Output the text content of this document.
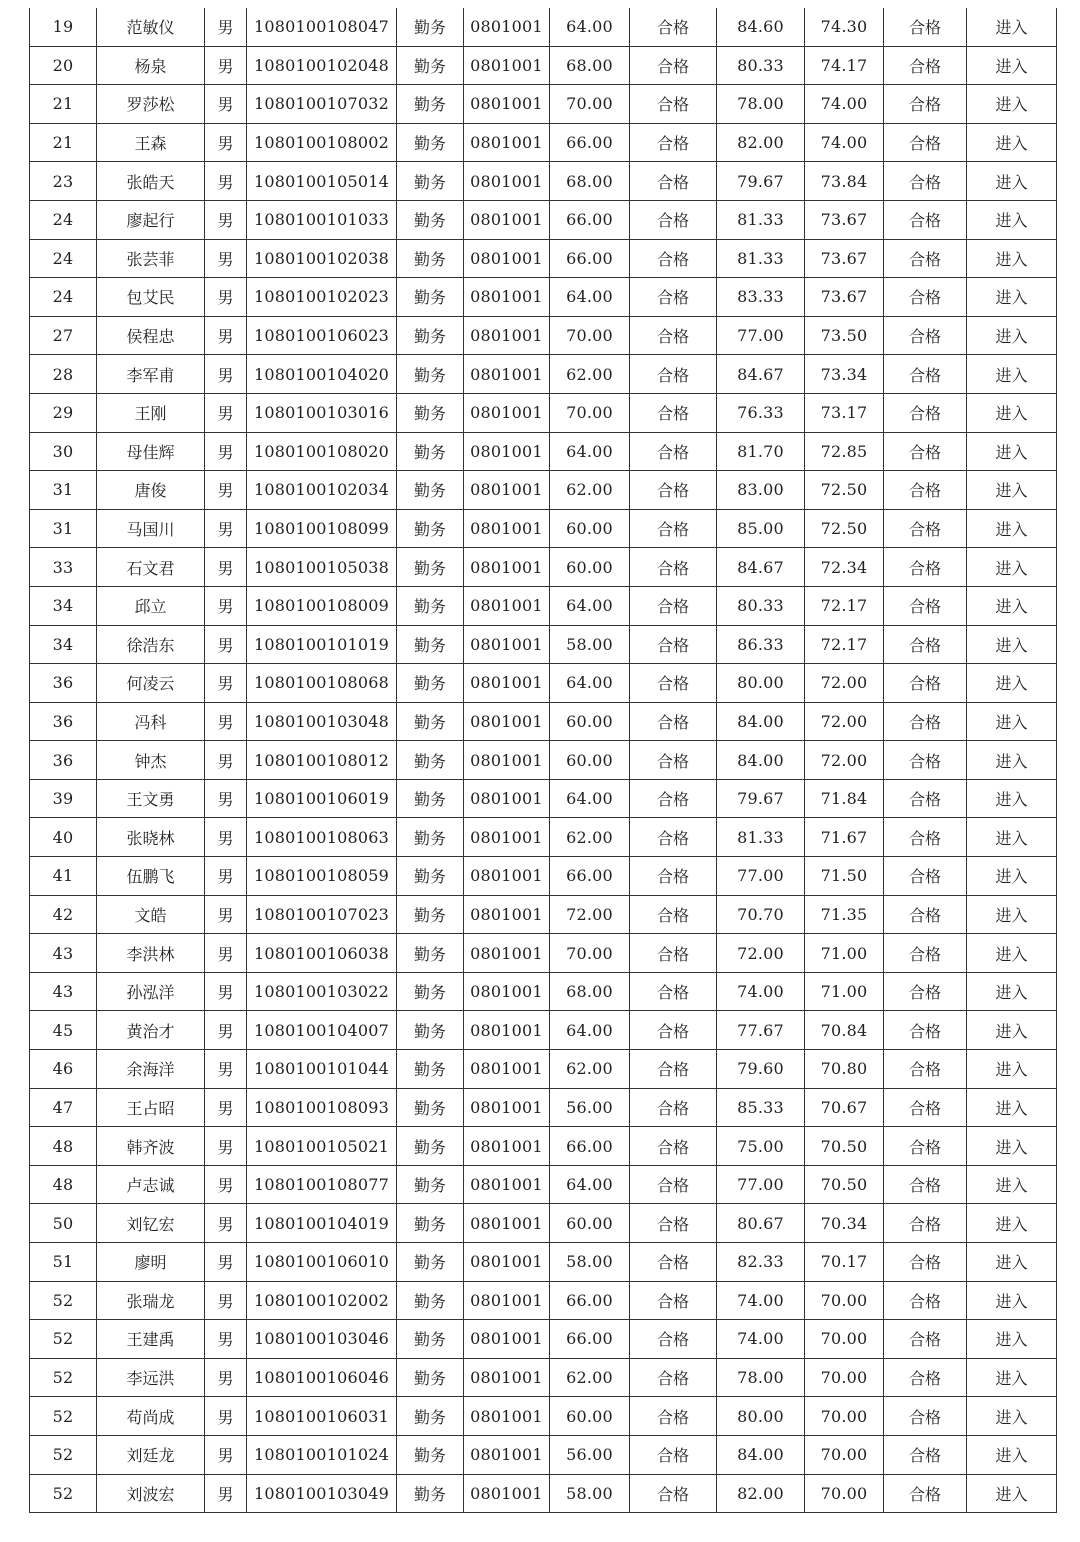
19	范敏仪	男	1080100108047	勤务	0801001	64.00	合格	84.60	74.30	合格	进入
20	杨泉	男	1080100102048	勤务	0801001	68.00	合格	80.33	74.17	合格	进入
21	罗莎松	男	1080100107032	勤务	0801001	70.00	合格	78.00	74.00	合格	进入
21	王森	男	1080100108002	勤务	0801001	66.00	合格	82.00	74.00	合格	进入
23	张皓天	男	1080100105014	勤务	0801001	68.00	合格	79.67	73.84	合格	进入
24	廖起行	男	1080100101033	勤务	0801001	66.00	合格	81.33	73.67	合格	进入
24	张芸菲	男	1080100102038	勤务	0801001	66.00	合格	81.33	73.67	合格	进入
24	包艾民	男	1080100102023	勤务	0801001	64.00	合格	83.33	73.67	合格	进入
27	侯程忠	男	1080100106023	勤务	0801001	70.00	合格	77.00	73.50	合格	进入
28	李军甫	男	1080100104020	勤务	0801001	62.00	合格	84.67	73.34	合格	进入
29	王刚	男	1080100103016	勤务	0801001	70.00	合格	76.33	73.17	合格	进入
30	母佳辉	男	1080100108020	勤务	0801001	64.00	合格	81.70	72.85	合格	进入
31	唐俊	男	1080100102034	勤务	0801001	62.00	合格	83.00	72.50	合格	进入
31	马国川	男	1080100108099	勤务	0801001	60.00	合格	85.00	72.50	合格	进入
33	石文君	男	1080100105038	勤务	0801001	60.00	合格	84.67	72.34	合格	进入
34	邱立	男	1080100108009	勤务	0801001	64.00	合格	80.33	72.17	合格	进入
34	徐浩东	男	1080100101019	勤务	0801001	58.00	合格	86.33	72.17	合格	进入
36	何凌云	男	1080100108068	勤务	0801001	64.00	合格	80.00	72.00	合格	进入
36	冯科	男	1080100103048	勤务	0801001	60.00	合格	84.00	72.00	合格	进入
36	钟杰	男	1080100108012	勤务	0801001	60.00	合格	84.00	72.00	合格	进入
39	王文勇	男	1080100106019	勤务	0801001	64.00	合格	79.67	71.84	合格	进入
40	张晓林	男	1080100108063	勤务	0801001	62.00	合格	81.33	71.67	合格	进入
41	伍鹏飞	男	1080100108059	勤务	0801001	66.00	合格	77.00	71.50	合格	进入
42	文皓	男	1080100107023	勤务	0801001	72.00	合格	70.70	71.35	合格	进入
43	李洪林	男	1080100106038	勤务	0801001	70.00	合格	72.00	71.00	合格	进入
43	孙泓洋	男	1080100103022	勤务	0801001	68.00	合格	74.00	71.00	合格	进入
45	黄治才	男	1080100104007	勤务	0801001	64.00	合格	77.67	70.84	合格	进入
46	余海洋	男	1080100101044	勤务	0801001	62.00	合格	79.60	70.80	合格	进入
47	王占昭	男	1080100108093	勤务	0801001	56.00	合格	85.33	70.67	合格	进入
48	韩齐波	男	1080100105021	勤务	0801001	66.00	合格	75.00	70.50	合格	进入
48	卢志诚	男	1080100108077	勤务	0801001	64.00	合格	77.00	70.50	合格	进入
50	刘钇宏	男	1080100104019	勤务	0801001	60.00	合格	80.67	70.34	合格	进入
51	廖明	男	1080100106010	勤务	0801001	58.00	合格	82.33	70.17	合格	进入
52	张瑞龙	男	1080100102002	勤务	0801001	66.00	合格	74.00	70.00	合格	进入
52	王建禹	男	1080100103046	勤务	0801001	66.00	合格	74.00	70.00	合格	进入
52	李远洪	男	1080100106046	勤务	0801001	62.00	合格	78.00	70.00	合格	进入
52	苟尚成	男	1080100106031	勤务	0801001	60.00	合格	80.00	70.00	合格	进入
52	刘廷龙	男	1080100101024	勤务	0801001	56.00	合格	84.00	70.00	合格	进入
52	刘波宏	男	1080100103049	勤务	0801001	58.00	合格	82.00	70.00	合格	进入
